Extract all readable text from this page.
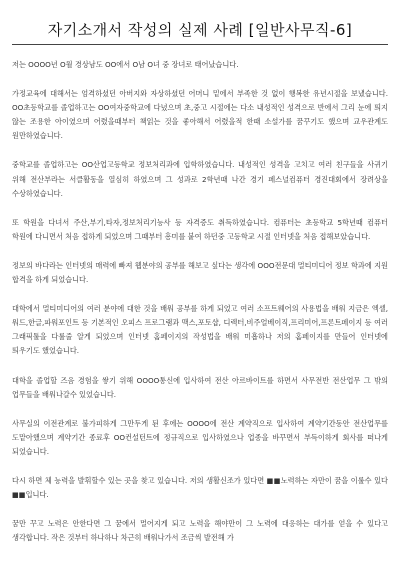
자기소개서 작성의 실제 사례 [일반사무직-6]

저는 OOOO년 O월 경상남도 OO에서 O남 O녀 중 장녀로 태어났습니다.

가정교육에 대해서는 엄격하셨던 아버지와 자상하셨던 어머니 밑에서 부족한 것 없이 행복한 유년시절을 보냈습니다. OO초등학교를 졸업하고는 OO여자중학교에 다녔으며 초,중고 시절에는 다소 내성적인 성격으로 반에서 그리 눈에 띄지 않는 조용한 아이였으며 어렸을때부터 책읽는 것을 좋아해서 어렸을적 한때 소설가를 꿈꾸기도 했으며 교우관계도 원만하였습니다.

중학교를 졸업하고는 OO산업고등학교 정보처리과에 입학하였습니다. 내성적인 성격을 고치고 여러 친구들을 사귀기 위해 전산부라는 서클활동을 열심히 하였으며 그 성과로 2학년때 나간 경기 페스널컴퓨터 경진대회에서 장려상을 수상하였습니다.

또 학원을 다녀서 주산,부기,타자,정보처리기능사 등 자격증도 취득하였습니다. 컴퓨터는 초등학교 5학년때 컴퓨터 학원에 다니면서 처음 접하게 되었으며 그때부터 흥미를 붙여 하던중 고등학교 시절 인터넷을 처음 접해보았습니다.

정보의 바다라는 인터넷의 매력에 빠져 웹분야의 공부를 해보고 싶다는 생각에 OOO전문대 멀티미디어 정보 학과에 지원 합격을 하게 되었습니다.

대학에서 멀티미디어의 여러 분야에 대한 것을 배워 공부를 하게 되었고 여러 소프트웨어의 사용법을 배워 지금은 엑셀,워드,한글,파워포인트 등 기본적인 오피스 프로그램과 맥스,포토샵, 디렉터,비주얼베이직,프리미어,프론트페이지 등 여러 그래픽툴을 다룰줄 알게 되었으며 인터넷 홈페이지의 작성법을 배워 미흡하나 저의 홈페이지를 만들어 인터넷에 띄우기도 했었습니다.

대학을 졸업할 즈음 경험을 쌓기 위해 OOOO통신에 입사하여 전산 아르바이트를 하면서 사무전반 전산업무 그 밖의 업무들을 배워나갈수 있었습니다.

사무실의 이전관계로 불가피하게 그만두게 된 후에는 OOOO에 전산 계약직으로 입사하여 계약기간동안 전산업무를 도맡아했으며 계약기간 종료후 OO컨설턴트에 정규직으로 입사하였으나 업종을 바꾸면서 부득이하게 회사를 떠나게 되었습니다.

다시 하면 체 능력을 발휘할수 있는 곳을 찾고 있습니다. 저의 생활신조가 있다면 ■■노력하는 자만이 꿈을 이룰수 있다■■입니다.

꿈만 꾸고 노력은 안한다면 그 꿈에서 멀어지게 되고 노력을 해야만이 그 노력에 대응하는 대가를 얻을 수 있다고 생각합니다. 작은 것부터 하나하나 차근히 배워나가서 조금씩 발전해 가
